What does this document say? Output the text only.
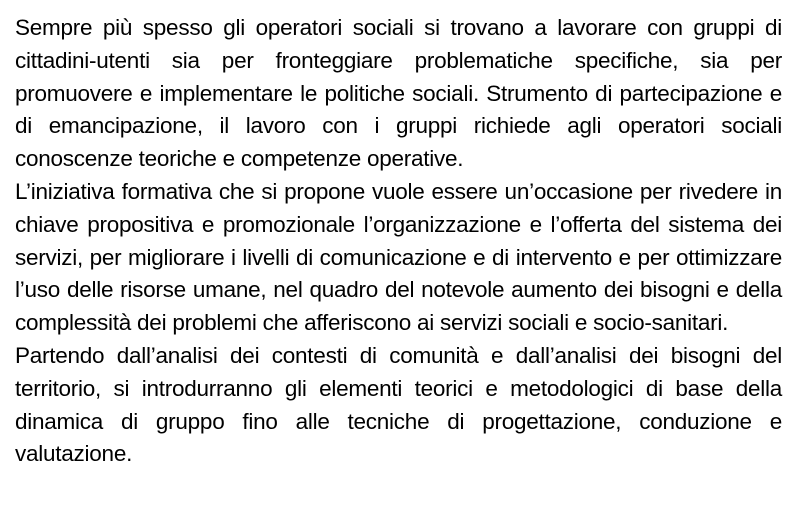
Sempre più spesso gli operatori sociali si trovano a lavorare con gruppi di cittadini-utenti sia per fronteggiare problematiche specifiche, sia per promuovere e implementare le politiche sociali. Strumento di partecipazione e di emancipazione, il lavoro con i gruppi richiede agli operatori sociali conoscenze teoriche e competenze operative.

L’iniziativa formativa che si propone vuole essere un’occasione per rivedere in chiave propositiva e promozionale l’organizzazione e l’offerta del sistema dei servizi, per migliorare i livelli di comunicazione e di intervento e per ottimizzare l’uso delle risorse umane, nel quadro del notevole aumento dei bisogni e della complessità dei problemi che afferiscono ai servizi sociali e socio-sanitari.

Partendo dall’analisi dei contesti di comunità e dall’analisi dei bisogni del territorio, si introdurranno gli elementi teorici e metodologici di base della dinamica di gruppo fino alle tecniche di progettazione, conduzione e valutazione.
